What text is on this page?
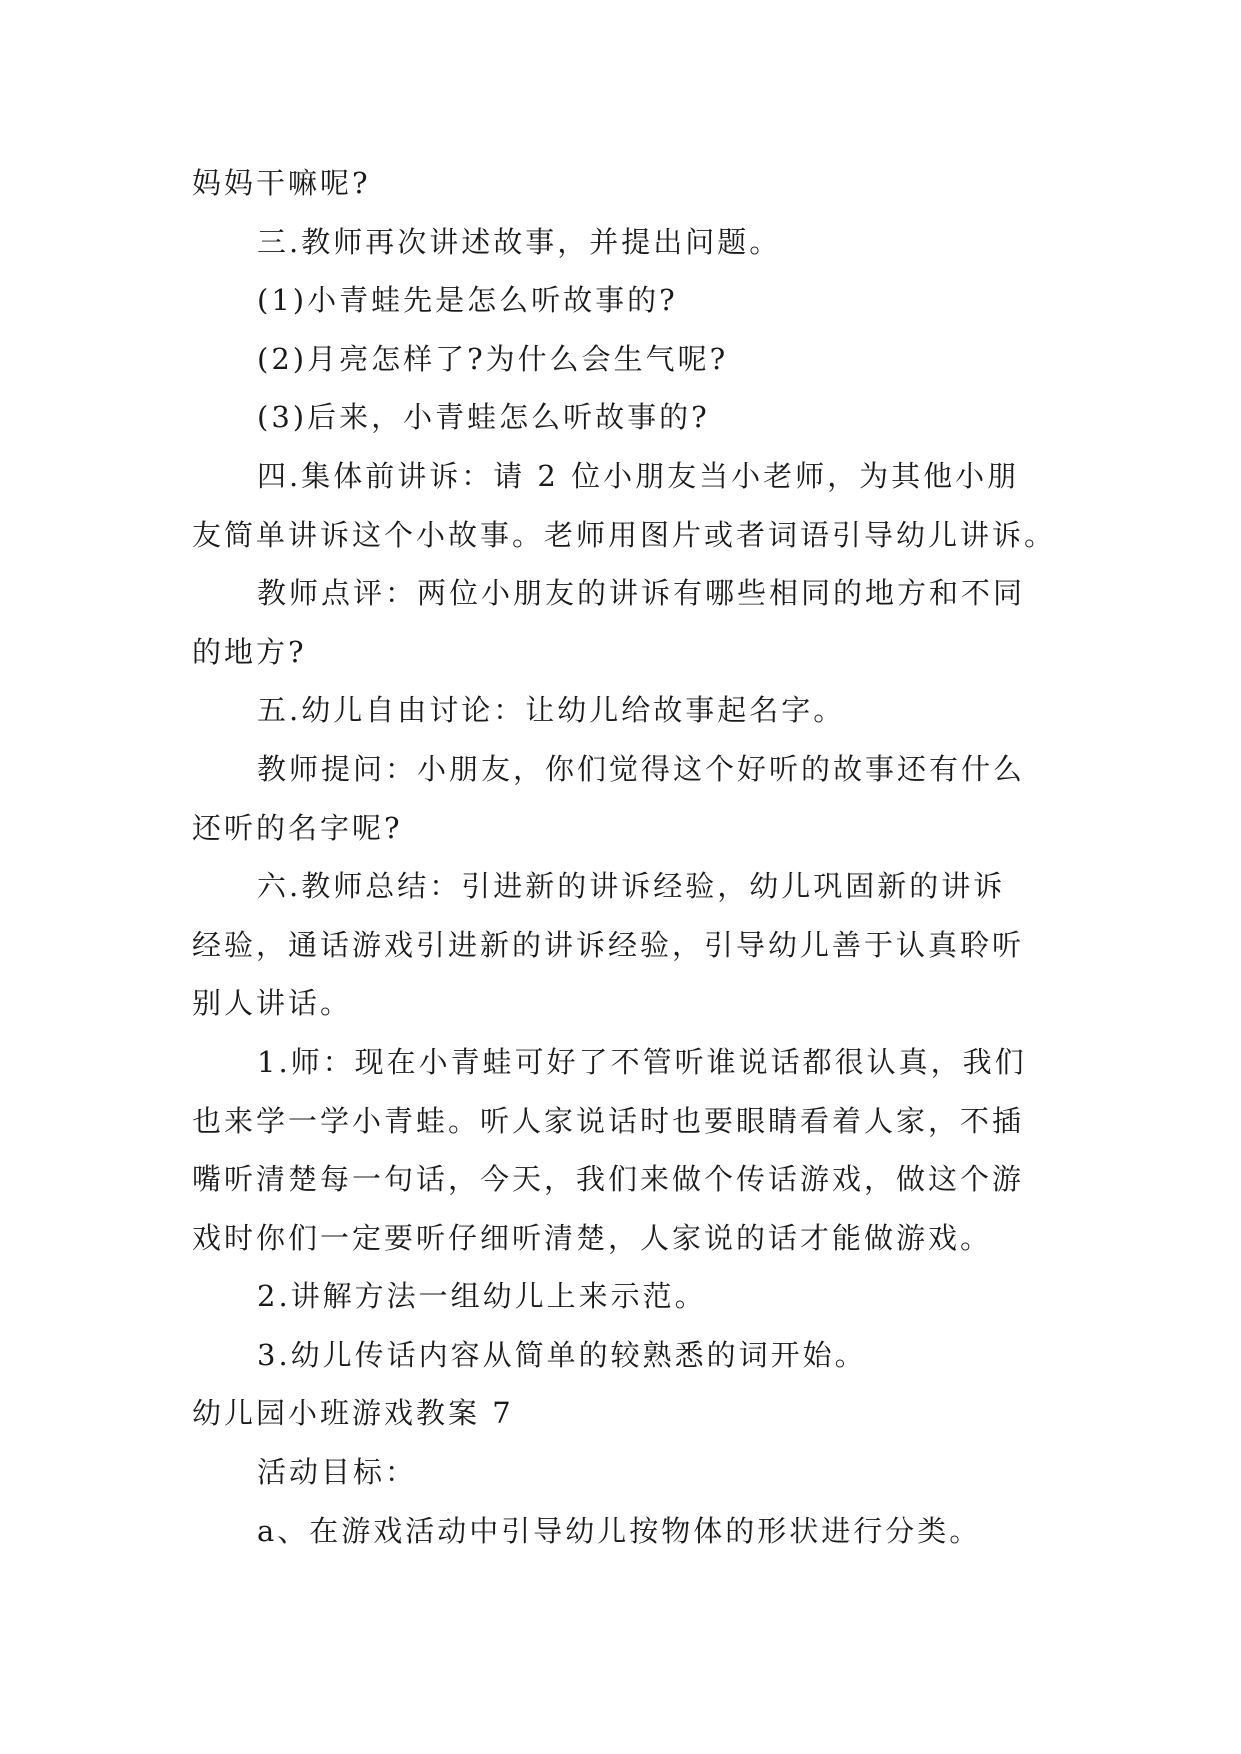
妈妈干嘛呢?
三.教师再次讲述故事，并提出问题。
(1)小青蛙先是怎么听故事的?
(2)月亮怎样了?为什么会生气呢?
(3)后来，小青蛙怎么听故事的?
四.集体前讲诉：请 2 位小朋友当小老师，为其他小朋
友简单讲诉这个小故事。老师用图片或者词语引导幼儿讲诉。
教师点评：两位小朋友的讲诉有哪些相同的地方和不同
的地方?
五.幼儿自由讨论：让幼儿给故事起名字。
教师提问：小朋友，你们觉得这个好听的故事还有什么
还听的名字呢?
六.教师总结：引进新的讲诉经验，幼儿巩固新的讲诉
经验，通话游戏引进新的讲诉经验，引导幼儿善于认真聆听
别人讲话。
1.师：现在小青蛙可好了不管听谁说话都很认真，我们
也来学一学小青蛙。听人家说话时也要眼睛看着人家，不插
嘴听清楚每一句话，今天，我们来做个传话游戏，做这个游
戏时你们一定要听仔细听清楚，人家说的话才能做游戏。
2.讲解方法一组幼儿上来示范。
3.幼儿传话内容从简单的较熟悉的词开始。
幼儿园小班游戏教案 7
活动目标：
a、在游戏活动中引导幼儿按物体的形状进行分类。
